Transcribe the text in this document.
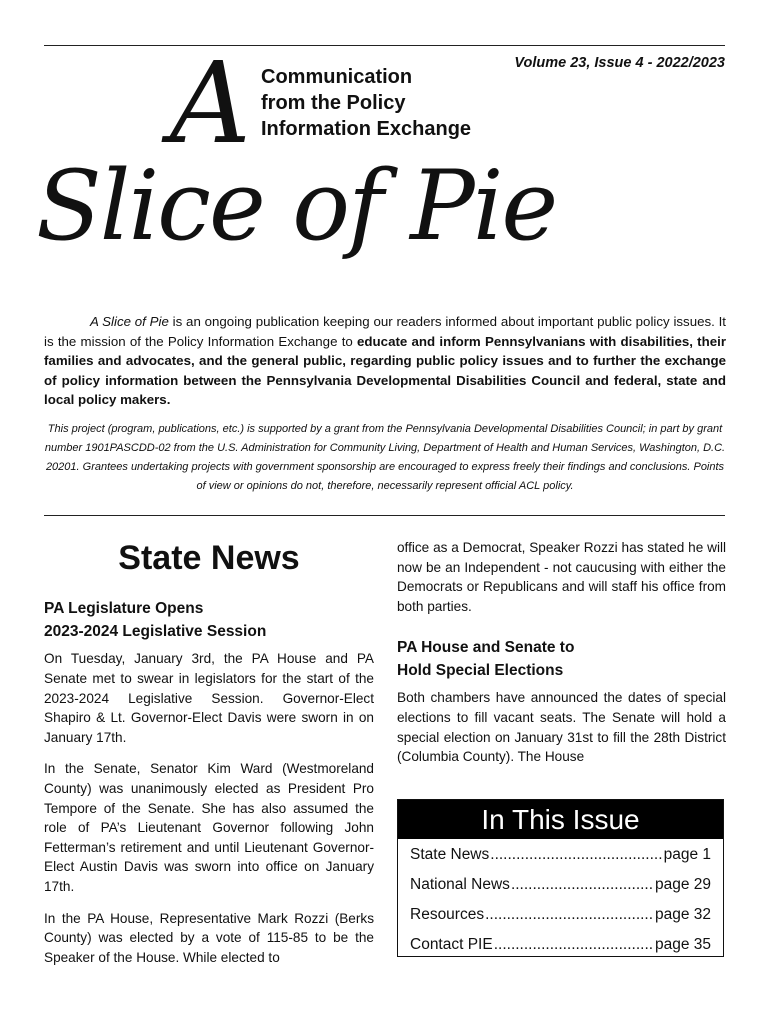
Volume 23, Issue 4 - 2022/2023
A
Slice of Pie
Communication
from the Policy
Information Exchange

A Slice of Pie is an ongoing publication keeping our readers informed about important public policy issues. It is the mission of the Policy Information Exchange to educate and inform Pennsylvanians with disabilities, their families and advocates, and the general public, regarding public policy issues and to further the exchange of policy information between the Pennsylvania Developmental Disabilities Council and federal, state and local policy makers.

This project (program, publications, etc.) is supported by a grant from the Pennsylvania Developmental Disabilities Council; in part by grant number 1901PASCDD-02 from the U.S. Administration for Community Living, Department of Health and Human Services, Washington, D.C. 20201. Grantees undertaking projects with government sponsorship are encouraged to express freely their findings and conclusions. Points of view or opinions do not, therefore, necessarily represent official ACL policy.

State News
PA Legislature Opens
2023-2024 Legislative Session

On Tuesday, January 3rd, the PA House and PA Senate met to swear in legislators for the start of the 2023-2024 Legislative Session. Governor-Elect Shapiro & Lt. Governor-Elect Davis were sworn in on January 17th.

In the Senate, Senator Kim Ward (Westmoreland County) was unanimously elected as President Pro Tempore of the Senate. She has also assumed the role of PA’s Lieutenant Governor following John Fetterman’s retirement and until Lieutenant Governor-Elect Austin Davis was sworn into office on January 17th.

In the PA House, Representative Mark Rozzi (Berks County) was elected by a vote of 115-85 to be the Speaker of the House. While elected to

office as a Democrat, Speaker Rozzi has stated he will now be an Independent - not caucusing with either the Democrats or Republicans and will staff his office from both parties.

PA House and Senate to
Hold Special Elections

Both chambers have announced the dates of special elections to fill vacant seats. The Senate will hold a special election on January 31st to fill the 28th District (Columbia County). The House

In This Issue
State News .....	page 1
National News .....	page 29
Resources .....	page 32
Contact PIE .....	page 35
